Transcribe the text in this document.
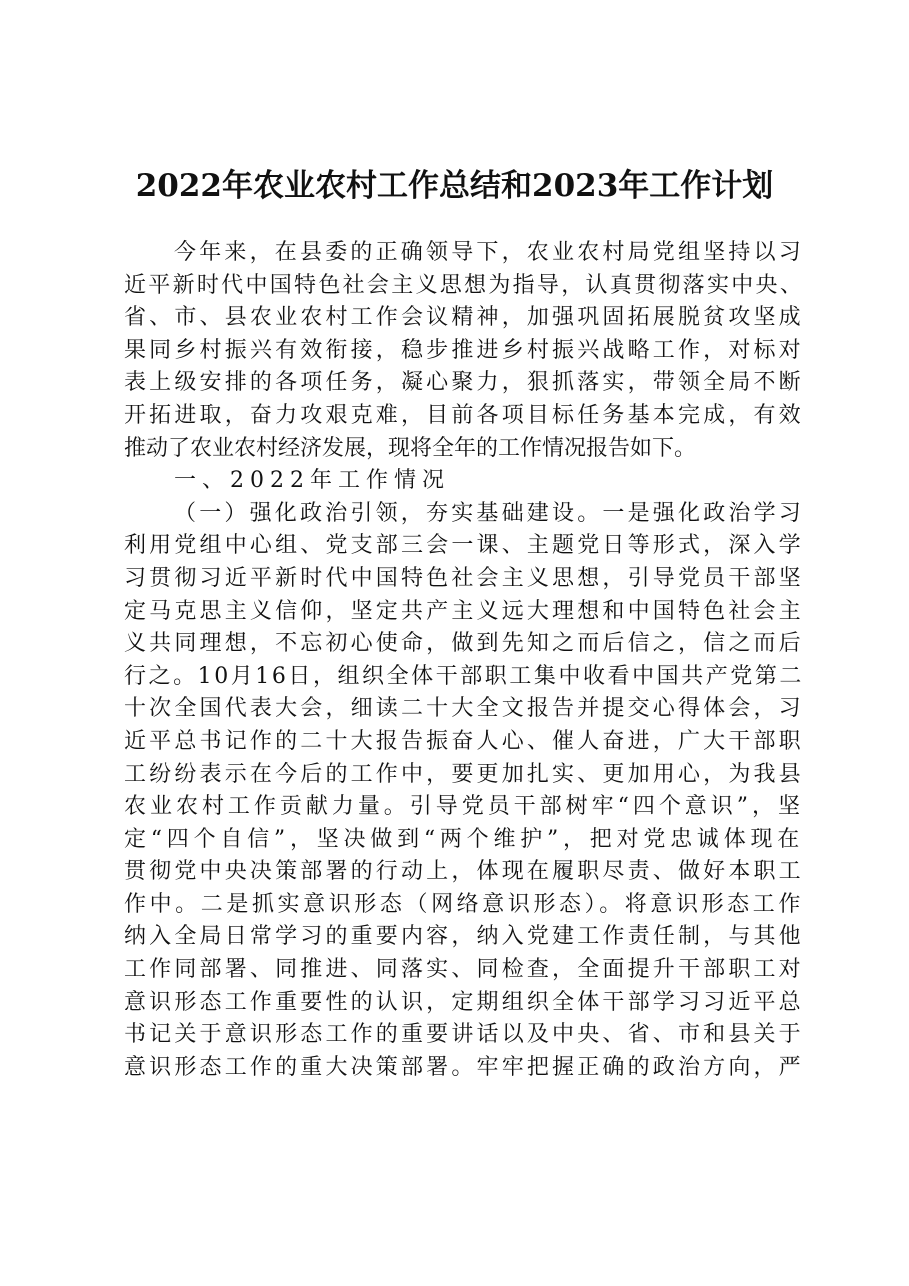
2022年农业农村工作总结和2023年工作计划
今年来，在县委的正确领导下，农业农村局党组坚持以习
近平新时代中国特色社会主义思想为指导，认真贯彻落实中央、
省、市、县农业农村工作会议精神，加强巩固拓展脱贫攻坚成
果同乡村振兴有效衔接，稳步推进乡村振兴战略工作，对标对
表上级安排的各项任务，凝心聚力，狠抓落实，带领全局不断
开拓进取，奋力攻艰克难，目前各项目标任务基本完成，有效
推动了农业农村经济发展，现将全年的工作情况报告如下。
一、2022年工作情况
（一）强化政治引领，夯实基础建设。一是强化政治学习
利用党组中心组、党支部三会一课、主题党日等形式，深入学
习贯彻习近平新时代中国特色社会主义思想，引导党员干部坚
定马克思主义信仰，坚定共产主义远大理想和中国特色社会主
义共同理想，不忘初心使命，做到先知之而后信之，信之而后
行之。10月16日，组织全体干部职工集中收看中国共产党第二
十次全国代表大会，细读二十大全文报告并提交心得体会，习
近平总书记作的二十大报告振奋人心、催人奋进，广大干部职
工纷纷表示在今后的工作中，要更加扎实、更加用心，为我县
农业农村工作贡献力量。引导党员干部树牢“四个意识”，坚
定“四个自信”，坚决做到“两个维护”，把对党忠诚体现在
贯彻党中央决策部署的行动上，体现在履职尽责、做好本职工
作中。二是抓实意识形态（网络意识形态）。将意识形态工作
纳入全局日常学习的重要内容，纳入党建工作责任制，与其他
工作同部署、同推进、同落实、同检查，全面提升干部职工对
意识形态工作重要性的认识，定期组织全体干部学习习近平总
书记关于意识形态工作的重要讲话以及中央、省、市和县关于
意识形态工作的重大决策部署。牢牢把握正确的政治方向，严
